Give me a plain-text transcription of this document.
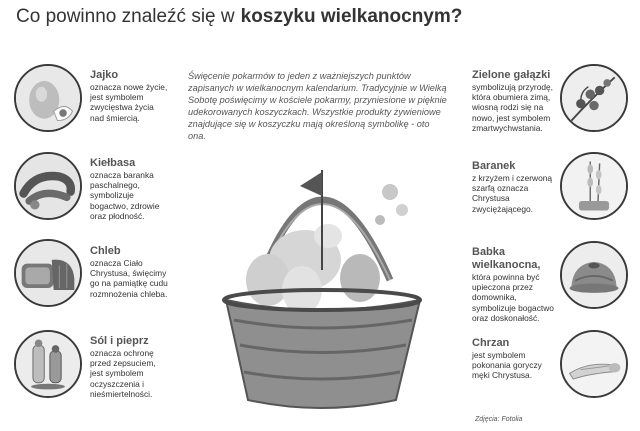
Co powinno znaleźć się w koszyku wielkanocnym?
Święcenie pokarmów to jeden z ważniejszych punktów zapisanych w wielkanocnym kalendarium. Tradycyjnie w Wielką Sobotę poświęcimy w kościele pokarmy, przyniesione w pięknie udekorowanych koszyczkach. Wszystkie produkty żywieniowe znajdujące się w koszyczku mają określoną symbolikę - oto ona.
Jajko
oznacza nowe życie, jest symbolem zwycięstwa życia nad śmiercią.
Kiełbasa
oznacza baranka paschalnego, symbolizuje bogactwo, zdrowie oraz płodność.
Chleb
oznacza Ciało Chrystusa, święcimy go na pamiątkę cudu rozmnożenia chleba.
Sól i pieprz
oznacza ochronę przed zepsuciem, jest symbolem oczyszczenia i nieśmiertelności.
Zielone gałązki
symbolizują przyrodę, która obumiera zimą, wiosną rodzi się na nowo, jest symbolem zmartwychwstania.
Baranek
z krzyżem i czerwoną szarfą oznacza Chrystusa zwyciężającego.
Babka wielkanocna,
która powinna być upieczona przez domownika, symbolizuje bogactwo oraz doskonałość.
Chrzan
jest symbolem pokonania goryczy męki Chrystusa.
Zdjęcia: Fotolia
